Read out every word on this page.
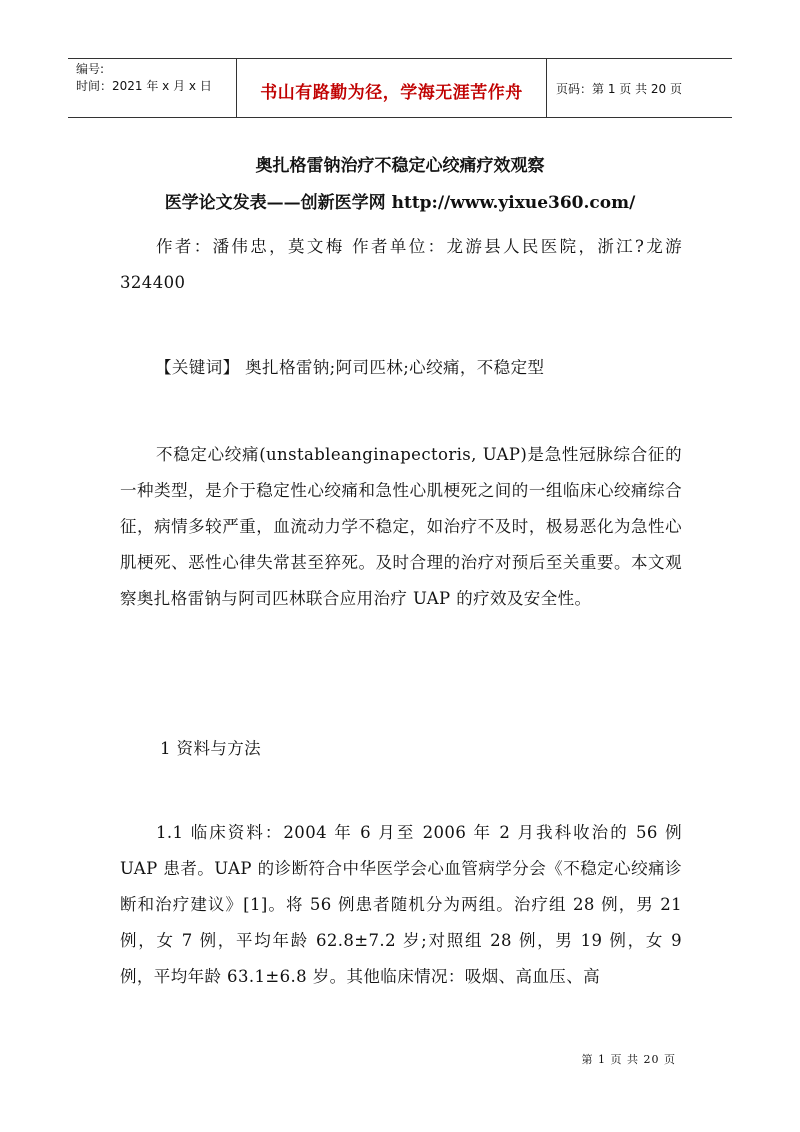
编号:
时间：2021 年 x 月 x 日	书山有路勤为径，学海无涯苦作舟	页码：第 1 页 共 20 页
奥扎格雷钠治疗不稳定心绞痛疗效观察
医学论文发表——创新医学网 http://www.yixue360.com/
作者：潘伟忠，莫文梅 作者单位：龙游县人民医院，浙江?龙游 324400
【关键词】 奥扎格雷钠;阿司匹林;心绞痛，不稳定型
不稳定心绞痛(unstableanginapectoris, UAP)是急性冠脉综合征的一种类型，是介于稳定性心绞痛和急性心肌梗死之间的一组临床心绞痛综合征，病情多较严重，血流动力学不稳定，如治疗不及时，极易恶化为急性心肌梗死、恶性心律失常甚至猝死。及时合理的治疗对预后至关重要。本文观察奥扎格雷钠与阿司匹林联合应用治疗 UAP 的疗效及安全性。
1 资料与方法
1.1 临床资料：2004 年 6 月至 2006 年 2 月我科收治的 56 例 UAP 患者。UAP 的诊断符合中华医学会心血管病学分会《不稳定心绞痛诊断和治疗建议》[1]。将 56 例患者随机分为两组。治疗组 28 例，男 21 例，女 7 例，平均年龄 62.8±7.2 岁;对照组 28 例，男 19 例，女 9 例，平均年龄 63.1±6.8 岁。其他临床情况：吸烟、高血压、高
第 1 页 共 20 页
